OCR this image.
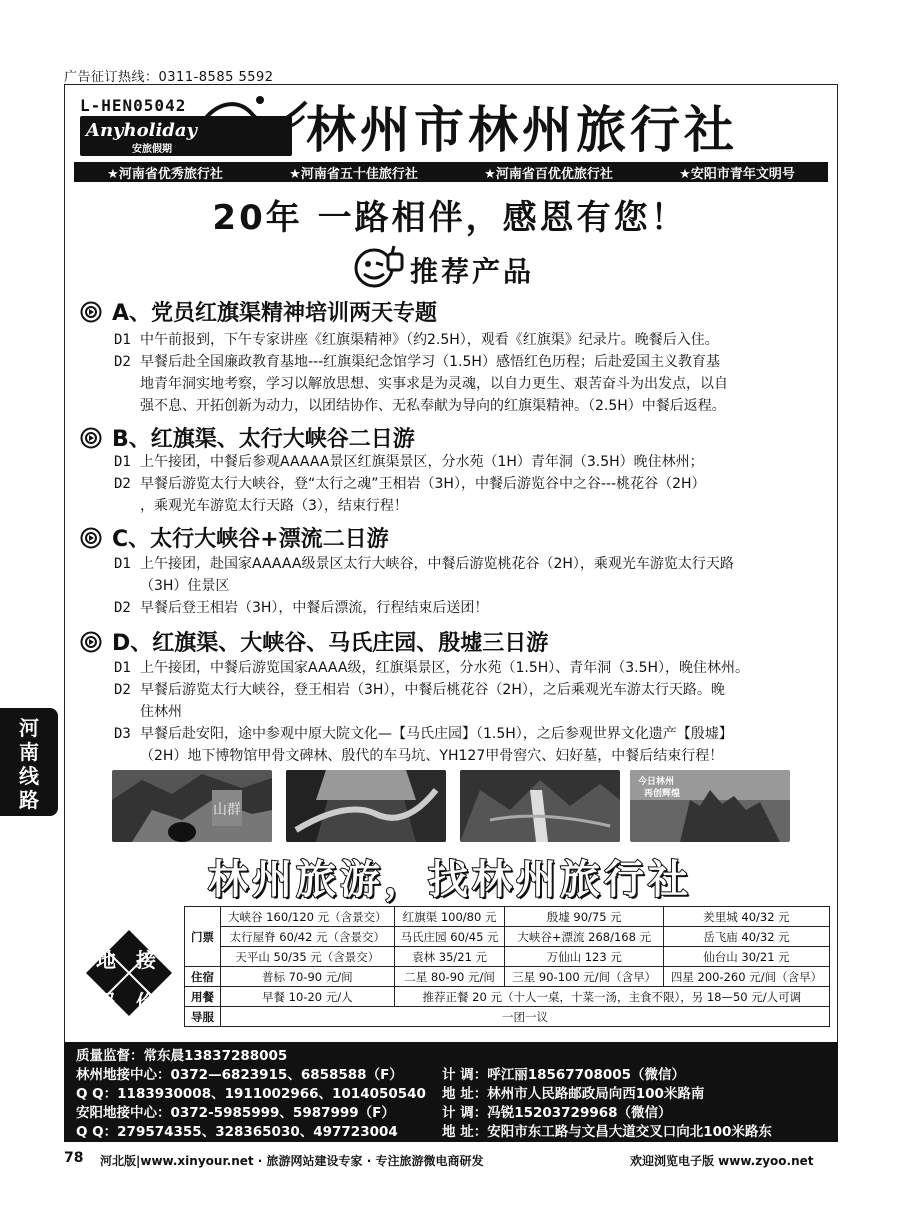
广告征订热线：0311-8585 5592
L-HEN05042
Anyholiday
安旅假期	林州市林州旅行社
★河南省优秀旅行社	★河南省五十佳旅行社	★河南省百优优旅行社	★安阳市青年文明号
20年 一路相伴，感恩有您！
推荐产品
A、党员红旗渠精神培训两天专题
D1 中午前报到，下午专家讲座《红旗渠精神》（约2.5H），观看《红旗渠》纪录片。晚餐后入住。
D2 早餐后赴全国廉政教育基地---红旗渠纪念馆学习（1.5H）感悟红色历程；后赴爱国主义教育基
地青年洞实地考察，学习以解放思想、实事求是为灵魂，以自力更生、艰苦奋斗为出发点，以自
强不息、开拓创新为动力，以团结协作、无私奉献为导向的红旗渠精神。（2.5H）中餐后返程。
B、红旗渠、太行大峡谷二日游
D1 上午接团，中餐后参观AAAAA景区红旗渠景区，分水苑（1H）青年洞（3.5H）晚住林州；
D2 早餐后游览太行大峡谷，登“太行之魂”王相岩（3H），中餐后游览谷中之谷---桃花谷（2H）
，乘观光车游览太行天路（3），结束行程！
C、太行大峡谷+漂流二日游
D1 上午接团，赴国家AAAAA级景区太行大峡谷，中餐后游览桃花谷（2H），乘观光车游览太行天路
（3H）住景区
D2 早餐后登王相岩（3H），中餐后漂流，行程结束后送团！
D、红旗渠、大峡谷、马氏庄园、殷墟三日游
D1 上午接团，中餐后游览国家AAAA级，红旗渠景区，分水苑（1.5H）、青年洞（3.5H），晚住林州。
D2 早餐后游览太行大峡谷，登王相岩（3H），中餐后桃花谷（2H），之后乘观光车游太行天路。晚
住林州
D3 早餐后赴安阳，途中参观中原大院文化—【马氏庄园】（1.5H），之后参观世界文化遗产【殷墟】
（2H）地下博物馆甲骨文碑林、殷代的车马坑、YH127甲骨窖穴、妇好墓，中餐后结束行程！
河
南
线
路	山群
今日林州
再创辉煌
林州旅游，找林州旅行社
地 接
报 价
门票	大峡谷 160/120 元（含景交）	红旗渠 100/80 元	殷墟 90/75 元	羑里城 40/32 元
	太行屋脊 60/42 元（含景交）	马氏庄园 60/45 元	大峡谷+漂流 268/168 元	岳飞庙 40/32 元
	天平山 50/35 元（含景交）	袁林 35/21 元	万仙山 123 元	仙台山 30/21 元
住宿	普标 70-90 元/间	二星 80-90 元/间	三星 90-100 元/间（含早）	四星 200-260 元/间（含早）
用餐	早餐 10-20 元/人	推荐正餐 20 元（十人一桌，十菜一汤，主食不限），另 18—50 元/人可调		
导服	一团一议			
质量监督：常东晨13837288005
林州地接中心：0372—6823915、6858588（F）
Q Q：1183930008、1911002966、1014050540
安阳地接中心：0372-5985999、5987999（F）
Q Q：279574355、328365030、497723004
计 调：呼江丽18567708005（微信）
地 址：林州市人民路邮政局向西100米路南
计 调：冯锐15203729968（微信）
地 址：安阳市东工路与文昌大道交叉口向北100米路东
78 河北版|www.xinyour.net · 旅游网站建设专家 · 专注旅游微电商研发	欢迎浏览电子版 www.zyoo.net
